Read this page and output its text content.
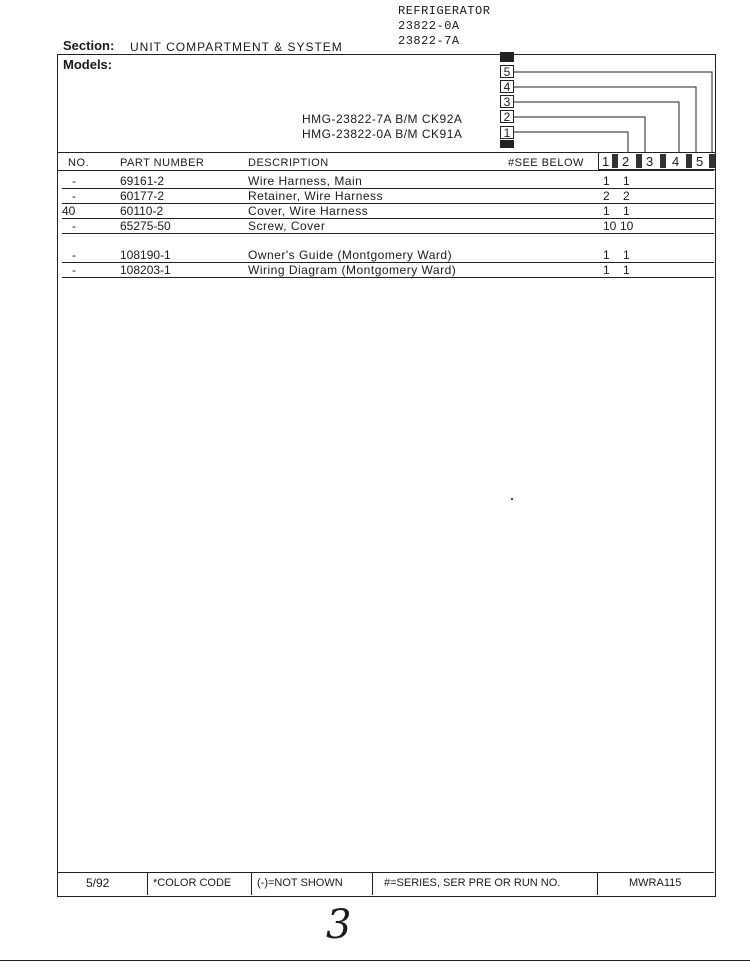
REFRIGERATOR
23822-0A
23822-7A
Section: UNIT COMPARTMENT & SYSTEM
Models:
HMG-23822-7A B/M CK92A
HMG-23822-0A B/M CK91A
5
4
3
2
1
NO.	PART NUMBER	DESCRIPTION	#SEE BELOW 1 2 3 4 5
-	69161-2	Wire Harness, Main	1 1
-	60177-2	Retainer, Wire Harness	2 2
40	60110-2	Cover, Wire Harness	1 1
-	65275-50	Screw, Cover	10 10
-	108190-1	Owner's Guide (Montgomery Ward)	1 1
-	108203-1	Wiring Diagram (Montgomery Ward)	1 1
5/92	*COLOR CODE (-)=NOT SHOWN	#=SERIES, SER PRE OR RUN NO.	MWRA115
3
